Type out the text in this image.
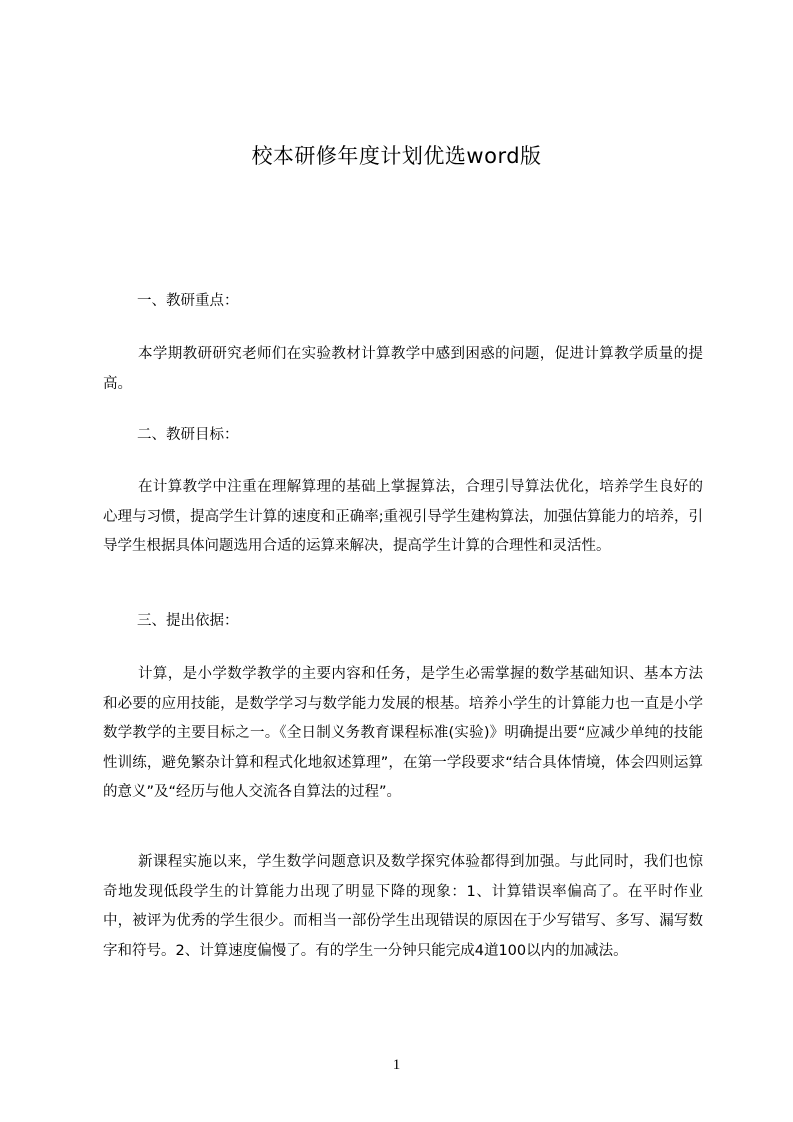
校本研修年度计划优选word版
一、教研重点：
本学期教研研究老师们在实验教材计算教学中感到困惑的问题，促进计算教学质量的提高。
二、教研目标：
在计算教学中注重在理解算理的基础上掌握算法，合理引导算法优化，培养学生良好的心理与习惯，提高学生计算的速度和正确率;重视引导学生建构算法，加强估算能力的培养，引导学生根据具体问题选用合适的运算来解决，提高学生计算的合理性和灵活性。
三、提出依据：
计算，是小学数学教学的主要内容和任务，是学生必需掌握的数学基础知识、基本方法和必要的应用技能，是数学学习与数学能力发展的根基。培养小学生的计算能力也一直是小学数学教学的主要目标之一。《全日制义务教育课程标准(实验)》明确提出要“应减少单纯的技能性训练，避免繁杂计算和程式化地叙述算理”，在第一学段要求“结合具体情境，体会四则运算的意义”及“经历与他人交流各自算法的过程”。
新课程实施以来，学生数学问题意识及数学探究体验都得到加强。与此同时，我们也惊奇地发现低段学生的计算能力出现了明显下降的现象：1、计算错误率偏高了。在平时作业中，被评为优秀的学生很少。而相当一部份学生出现错误的原因在于少写错写、多写、漏写数字和符号。2、计算速度偏慢了。有的学生一分钟只能完成4道100以内的加减法。
1
